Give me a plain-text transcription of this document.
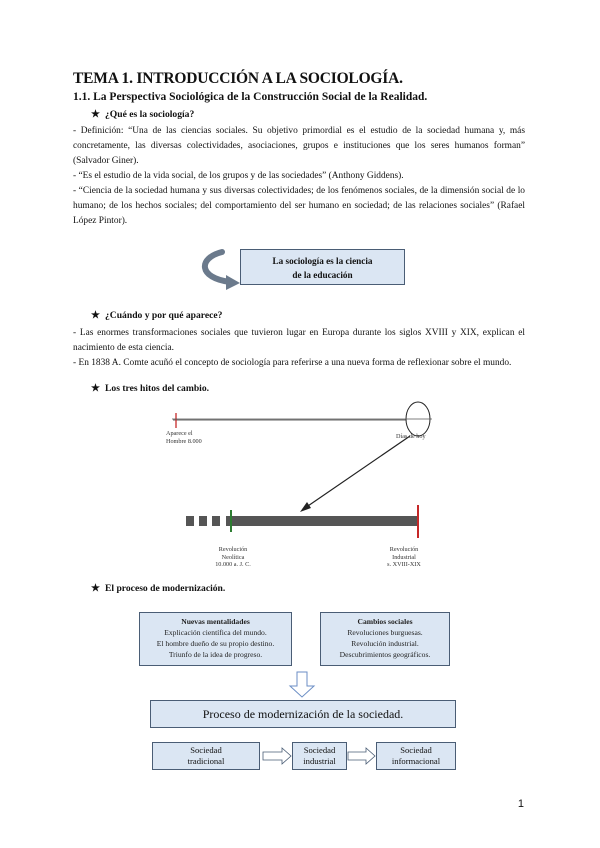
TEMA 1. INTRODUCCIÓN A LA SOCIOLOGÍA.
1.1. La Perspectiva Sociológica de la Construcción Social de la Realidad.
★ ¿Qué es la sociología?

- Definición: “Una de las ciencias sociales. Su objetivo primordial es el estudio de la sociedad humana y, más concretamente, las diversas colectividades, asociaciones, grupos e instituciones que los seres humanos forman” (Salvador Giner).

- “Es el estudio de la vida social, de los grupos y de las sociedades” (Anthony Giddens).

- “Ciencia de la sociedad humana y sus diversas colectividades; de los fenómenos sociales, de la dimensión social de lo humano; de los hechos sociales; del comportamiento del ser humano en sociedad; de las relaciones sociales” (Rafael López Pintor).

La sociología es la ciencia
de la educación
★ ¿Cuándo y por qué aparece?

- Las enormes transformaciones sociales que tuvieron lugar en Europa durante los siglos XVIII y XIX, explican el nacimiento de esta ciencia.

- En 1838 A. Comte acuñó el concepto de sociología para referirse a una nueva forma de reflexionar sobre el mundo.

★ Los tres hitos del cambio.
★ El proceso de modernización.
Aparece el
Hombre 8.000
Días de hoy
Revolución
Neolítica
10.000 a. J. C.
Revolución
Industrial
s. XVIII-XIX
Nuevas mentalidades
Explicación científica del mundo.
El hombre dueño de su propio destino.
Triunfo de la idea de progreso.
Cambios sociales
Revoluciones burguesas.
Revolución industrial.
Descubrimientos geográficos.
Proceso de modernización de la sociedad.
Sociedad
tradicional
Sociedad
industrial
Sociedad
informacional
1
